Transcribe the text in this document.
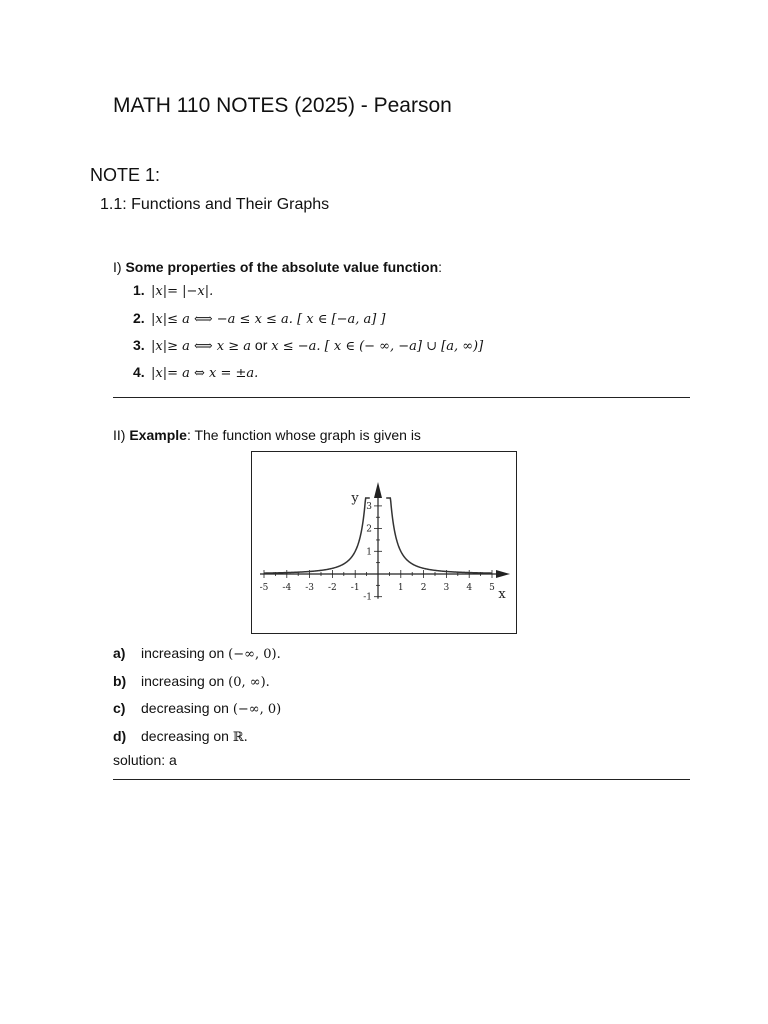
MATH 110 NOTES (2025) - Pearson
NOTE 1:
1.1: Functions and Their Graphs
I) Some properties of the absolute value function:
1. |x|= |−x|.
2. |x|≤ a ⟺ −a ≤ x ≤ a. [ x ∈ [−a, a] ]
3. |x|≥ a ⟺ x ≥ a or x ≤ −a. [ x ∈ (− ∞, −a] ∪ [a, ∞)]
4. |x|= a ⇔ x = ±a.
II) Example: The function whose graph is given is
-5 -4 -3 -2 -1	1 2 3 4 5
-1
1
2
3
x
y
a) increasing on (−∞, 0).
b) increasing on (0, ∞).
c) decreasing on (−∞, 0)
d) decreasing on ℝ.
solution: a
